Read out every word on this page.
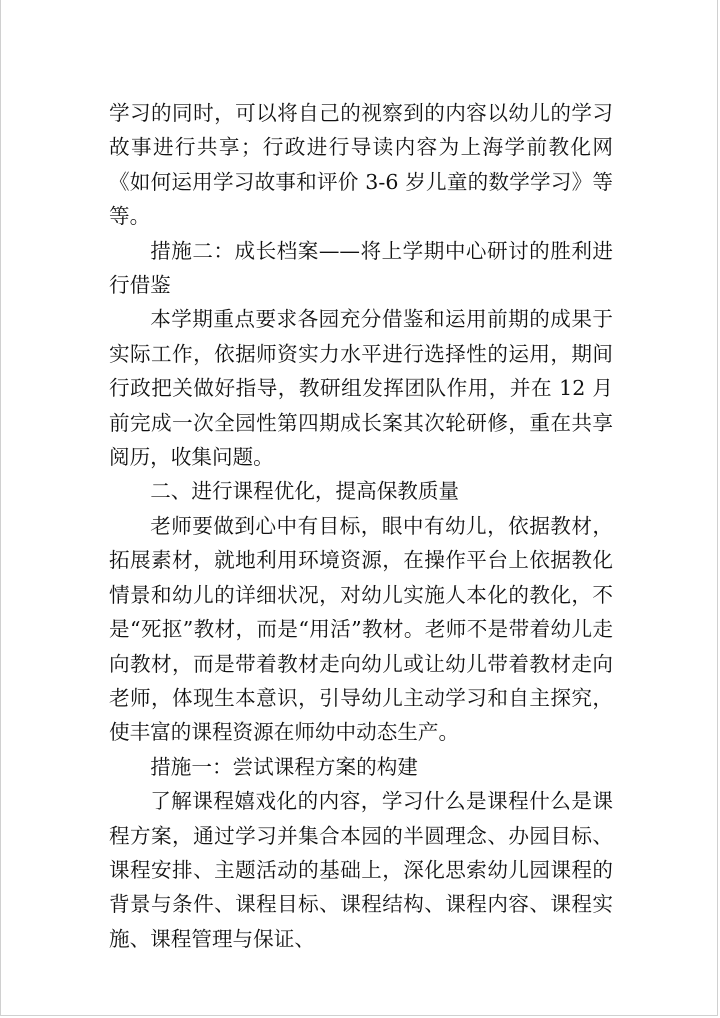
学习的同时，可以将自己的视察到的内容以幼儿的学习故事进行共享；行政进行导读内容为上海学前教化网《如何运用学习故事和评价 3-6 岁儿童的数学学习》等等。

措施二：成长档案——将上学期中心研讨的胜利进行借鉴

本学期重点要求各园充分借鉴和运用前期的成果于实际工作，依据师资实力水平进行选择性的运用，期间行政把关做好指导，教研组发挥团队作用，并在 12 月前完成一次全园性第四期成长案其次轮研修，重在共享阅历，收集问题。

二、进行课程优化，提高保教质量

老师要做到心中有目标，眼中有幼儿，依据教材，拓展素材，就地利用环境资源，在操作平台上依据教化情景和幼儿的详细状况，对幼儿实施人本化的教化，不是“死抠”教材，而是“用活”教材。老师不是带着幼儿走向教材，而是带着教材走向幼儿或让幼儿带着教材走向老师，体现生本意识，引导幼儿主动学习和自主探究，使丰富的课程资源在师幼中动态生产。

措施一：尝试课程方案的构建

了解课程嬉戏化的内容，学习什么是课程什么是课程方案，通过学习并集合本园的半圆理念、办园目标、课程安排、主题活动的基础上，深化思索幼儿园课程的背景与条件、课程目标、课程结构、课程内容、课程实施、课程管理与保证、
